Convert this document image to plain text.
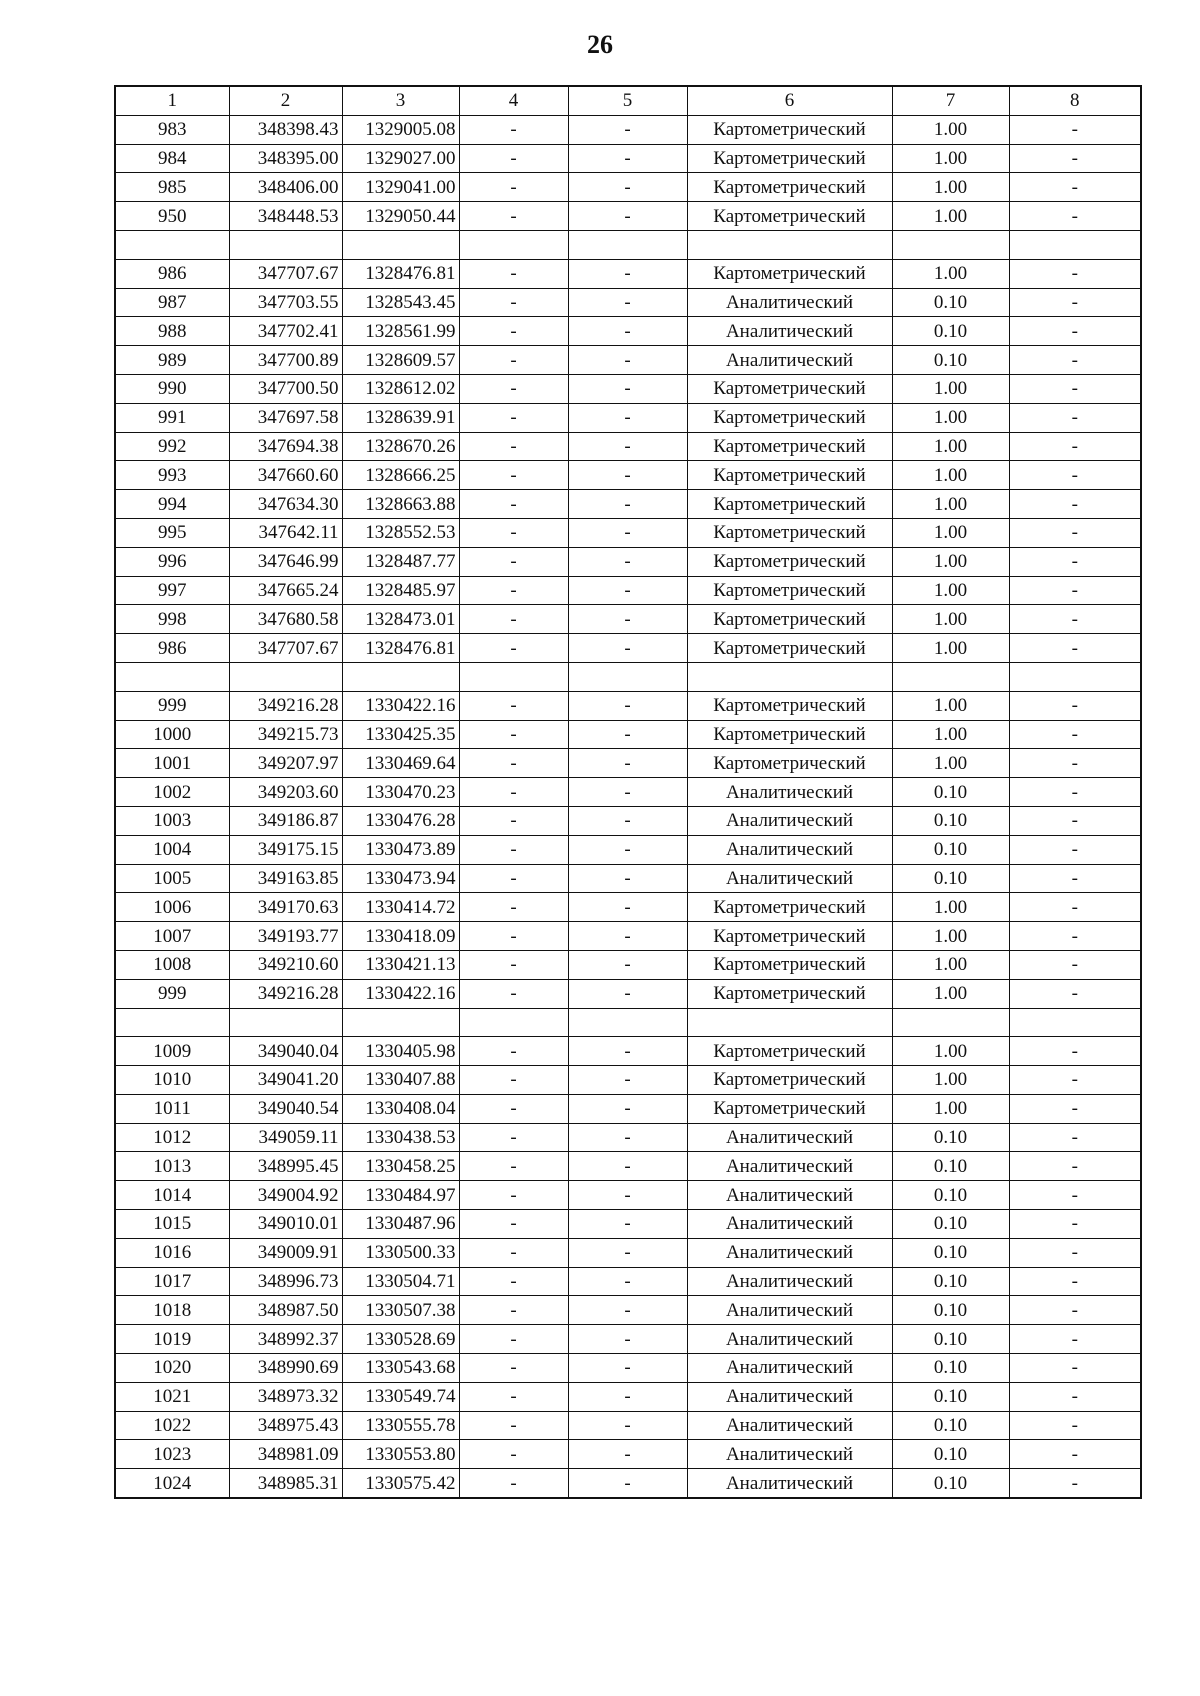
26
1	2	3	4	5	6	7	8
983	348398.43	1329005.08	-	-	Картометрический	1.00	-
984	348395.00	1329027.00	-	-	Картометрический	1.00	-
985	348406.00	1329041.00	-	-	Картометрический	1.00	-
950	348448.53	1329050.44	-	-	Картометрический	1.00	-

986	347707.67	1328476.81	-	-	Картометрический	1.00	-
987	347703.55	1328543.45	-	-	Аналитический	0.10	-
988	347702.41	1328561.99	-	-	Аналитический	0.10	-
989	347700.89	1328609.57	-	-	Аналитический	0.10	-
990	347700.50	1328612.02	-	-	Картометрический	1.00	-
991	347697.58	1328639.91	-	-	Картометрический	1.00	-
992	347694.38	1328670.26	-	-	Картометрический	1.00	-
993	347660.60	1328666.25	-	-	Картометрический	1.00	-
994	347634.30	1328663.88	-	-	Картометрический	1.00	-
995	347642.11	1328552.53	-	-	Картометрический	1.00	-
996	347646.99	1328487.77	-	-	Картометрический	1.00	-
997	347665.24	1328485.97	-	-	Картометрический	1.00	-
998	347680.58	1328473.01	-	-	Картометрический	1.00	-
986	347707.67	1328476.81	-	-	Картометрический	1.00	-

999	349216.28	1330422.16	-	-	Картометрический	1.00	-
1000	349215.73	1330425.35	-	-	Картометрический	1.00	-
1001	349207.97	1330469.64	-	-	Картометрический	1.00	-
1002	349203.60	1330470.23	-	-	Аналитический	0.10	-
1003	349186.87	1330476.28	-	-	Аналитический	0.10	-
1004	349175.15	1330473.89	-	-	Аналитический	0.10	-
1005	349163.85	1330473.94	-	-	Аналитический	0.10	-
1006	349170.63	1330414.72	-	-	Картометрический	1.00	-
1007	349193.77	1330418.09	-	-	Картометрический	1.00	-
1008	349210.60	1330421.13	-	-	Картометрический	1.00	-
999	349216.28	1330422.16	-	-	Картометрический	1.00	-

1009	349040.04	1330405.98	-	-	Картометрический	1.00	-
1010	349041.20	1330407.88	-	-	Картометрический	1.00	-
1011	349040.54	1330408.04	-	-	Картометрический	1.00	-
1012	349059.11	1330438.53	-	-	Аналитический	0.10	-
1013	348995.45	1330458.25	-	-	Аналитический	0.10	-
1014	349004.92	1330484.97	-	-	Аналитический	0.10	-
1015	349010.01	1330487.96	-	-	Аналитический	0.10	-
1016	349009.91	1330500.33	-	-	Аналитический	0.10	-
1017	348996.73	1330504.71	-	-	Аналитический	0.10	-
1018	348987.50	1330507.38	-	-	Аналитический	0.10	-
1019	348992.37	1330528.69	-	-	Аналитический	0.10	-
1020	348990.69	1330543.68	-	-	Аналитический	0.10	-
1021	348973.32	1330549.74	-	-	Аналитический	0.10	-
1022	348975.43	1330555.78	-	-	Аналитический	0.10	-
1023	348981.09	1330553.80	-	-	Аналитический	0.10	-
1024	348985.31	1330575.42	-	-	Аналитический	0.10	-
